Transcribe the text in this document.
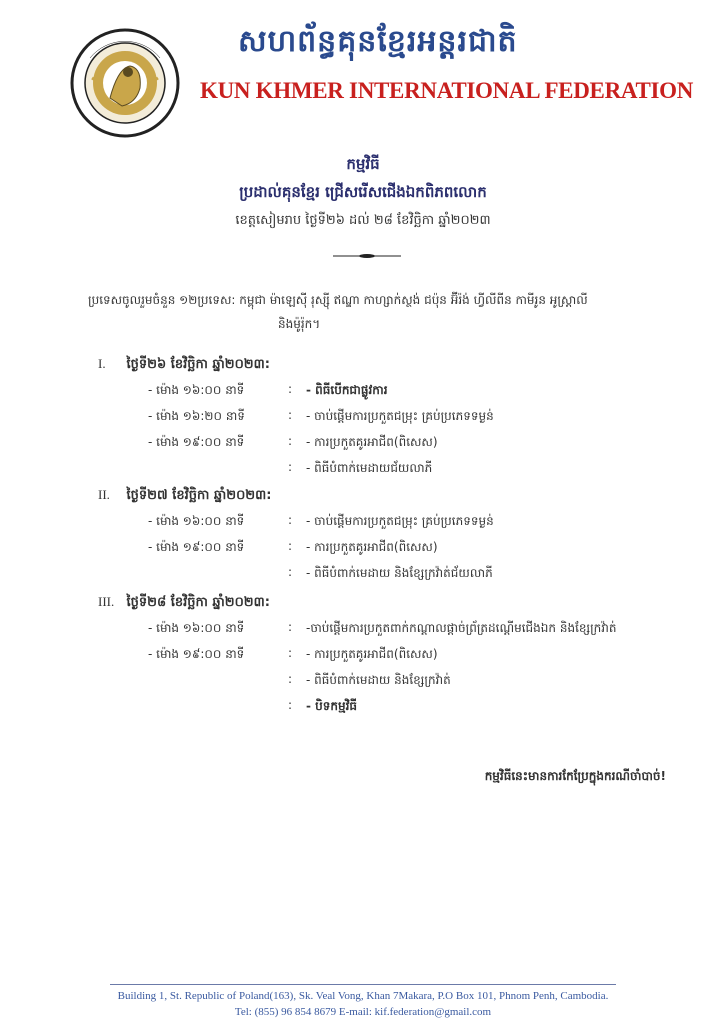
សហព័ន្ធគុនខ្មែរអន្តរជាតិ
KUN KHMER INTERNATIONAL FEDERATION
កម្មវិធី
ប្រដាល់គុនខ្មែរ ជ្រើសរើសជើងឯកពិភពលោក
ខេត្តសៀមរាប ថ្ងៃទី២៦ ដល់ ២៨ ខែវិច្ឆិកា ឆ្នាំ២០២៣
ប្រទេសចូលរួមចំនួន ១២ប្រទេស: កម្ពុជា ម៉ាឡេស៊ី រុស្ស៊ី ឥណ្ឌា កាហ្សាក់ស្ថង់ ជប៉ុន អ៊ីរ៉ង់ ហ្វីលីពីន កាមីរូន អូស្ត្រាលី
និងម៉ូរ៉ុក។
I. ថ្ងៃទី២៦ ខែវិច្ឆិកា ឆ្នាំ២០២៣:
- ម៉ោង ១៦:០០ នាទី	: - ពិធីបើកជាផ្លូវការ
- ម៉ោង ១៦:២០ នាទី	: - ចាប់ផ្តើមការប្រកួតជម្រុះ គ្រប់ប្រភេទទម្ងន់
- ម៉ោង ១៩:០០ នាទី	: - ការប្រកួតគូរអាជីព(ពិសេស)
: - ពិធីបំពាក់មេដាយជ័យលាភី
II. ថ្ងៃទី២៧ ខែវិច្ឆិកា ឆ្នាំ២០២៣:
- ម៉ោង ១៦:០០ នាទី	: - ចាប់ផ្តើមការប្រកួតជម្រុះ គ្រប់ប្រភេទទម្ងន់
- ម៉ោង ១៩:០០ នាទី	: - ការប្រកួតគូរអាជីព(ពិសេស)
: - ពិធីបំពាក់មេដាយ និងខ្សែក្រវ៉ាត់ជ័យលាភី
III. ថ្ងៃទី២៨ ខែវិច្ឆិកា ឆ្នាំ២០២៣:
- ម៉ោង ១៦:០០ នាទី	: -ចាប់ផ្តើមការប្រកួតពាក់កណ្តាលផ្តាច់ព្រ័ត្រដណ្តើមជើងឯក និងខ្សែក្រវ៉ាត់
- ម៉ោង ១៩:០០ នាទី	: - ការប្រកួតគូរអាជីព(ពិសេស)
: - ពិធីបំពាក់មេដាយ និងខ្សែក្រវ៉ាត់
: - បិទកម្មវិធី
កម្មវិធីនេះមានការកែប្រែក្នុងករណីចាំបាច់!
Building 1, St. Republic of Poland(163), Sk. Veal Vong, Khan 7Makara, P.O Box 101, Phnom Penh, Cambodia.
Tel: (855) 96 854 8679 E-mail: kif.federation@gmail.com
